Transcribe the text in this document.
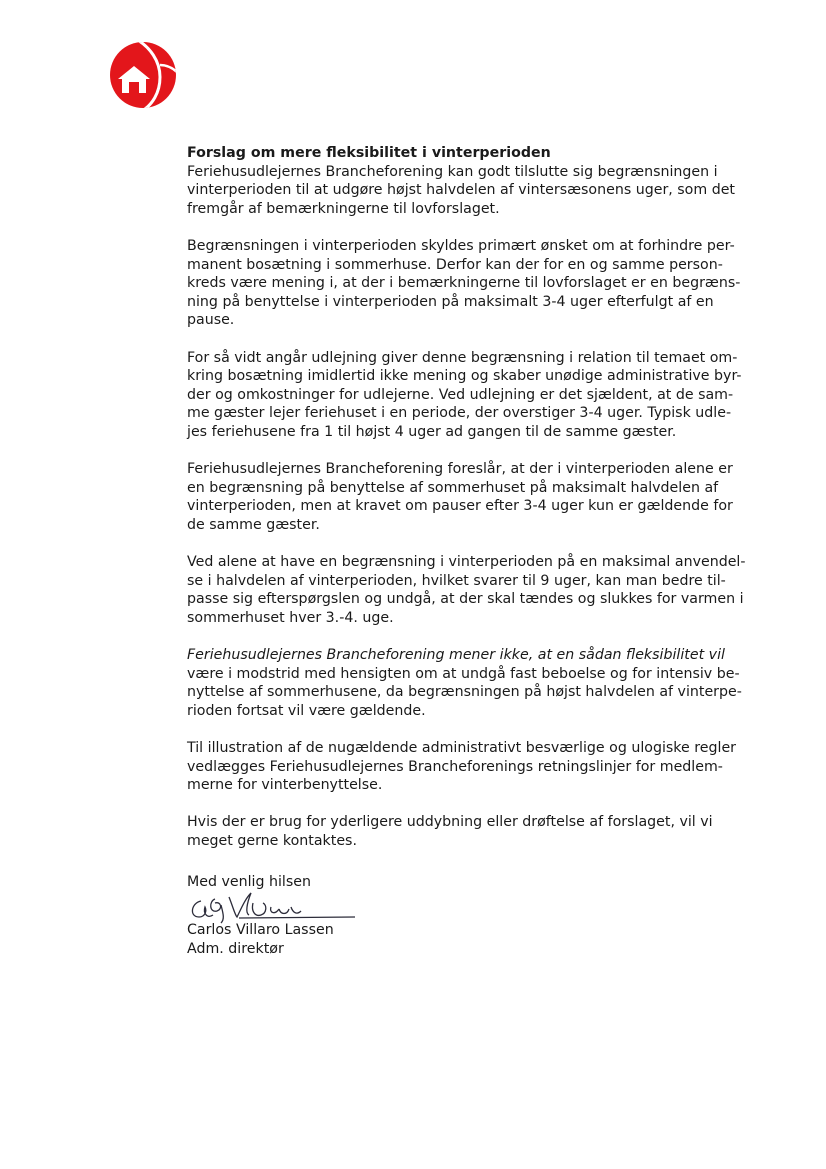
Forslag om mere fleksibilitet i vinterperioden
Feriehusudlejernes Brancheforening kan godt tilslutte sig begrænsningen i
vinterperioden til at udgøre højst halvdelen af vintersæsonens uger, som det
fremgår af bemærkningerne til lovforslaget.
Begrænsningen i vinterperioden skyldes primært ønsket om at forhindre per-
manent bosætning i sommerhuse. Derfor kan der for en og samme person-
kreds være mening i, at der i bemærkningerne til lovforslaget er en begræns-
ning på benyttelse i vinterperioden på maksimalt 3-4 uger efterfulgt af en
pause.
For så vidt angår udlejning giver denne begrænsning i relation til temaet om-
kring bosætning imidlertid ikke mening og skaber unødige administrative byr-
der og omkostninger for udlejerne. Ved udlejning er det sjældent, at de sam-
me gæster lejer feriehuset i en periode, der overstiger 3-4 uger. Typisk udle-
jes feriehusene fra 1 til højst 4 uger ad gangen til de samme gæster.
Feriehusudlejernes Brancheforening foreslår, at der i vinterperioden alene er
en begrænsning på benyttelse af sommerhuset på maksimalt halvdelen af
vinterperioden, men at kravet om pauser efter 3-4 uger kun er gældende for
de samme gæster.
Ved alene at have en begrænsning i vinterperioden på en maksimal anvendel-
se i halvdelen af vinterperioden, hvilket svarer til 9 uger, kan man bedre til-
passe sig efterspørgslen og undgå, at der skal tændes og slukkes for varmen i
sommerhuset hver 3.-4. uge.
Feriehusudlejernes Brancheforening mener ikke, at en sådan fleksibilitet vil
være i modstrid med hensigten om at undgå fast beboelse og for intensiv be-
nyttelse af sommerhusene, da begrænsningen på højst halvdelen af vinterpe-
rioden fortsat vil være gældende.
Til illustration af de nugældende administrativt besværlige og ulogiske regler
vedlægges Feriehusudlejernes Brancheforenings retningslinjer for medlem-
merne for vinterbenyttelse.
Hvis der er brug for yderligere uddybning eller drøftelse af forslaget, vil vi
meget gerne kontaktes.
Med venlig hilsen
Carlos Villaro Lassen
Adm. direktør
